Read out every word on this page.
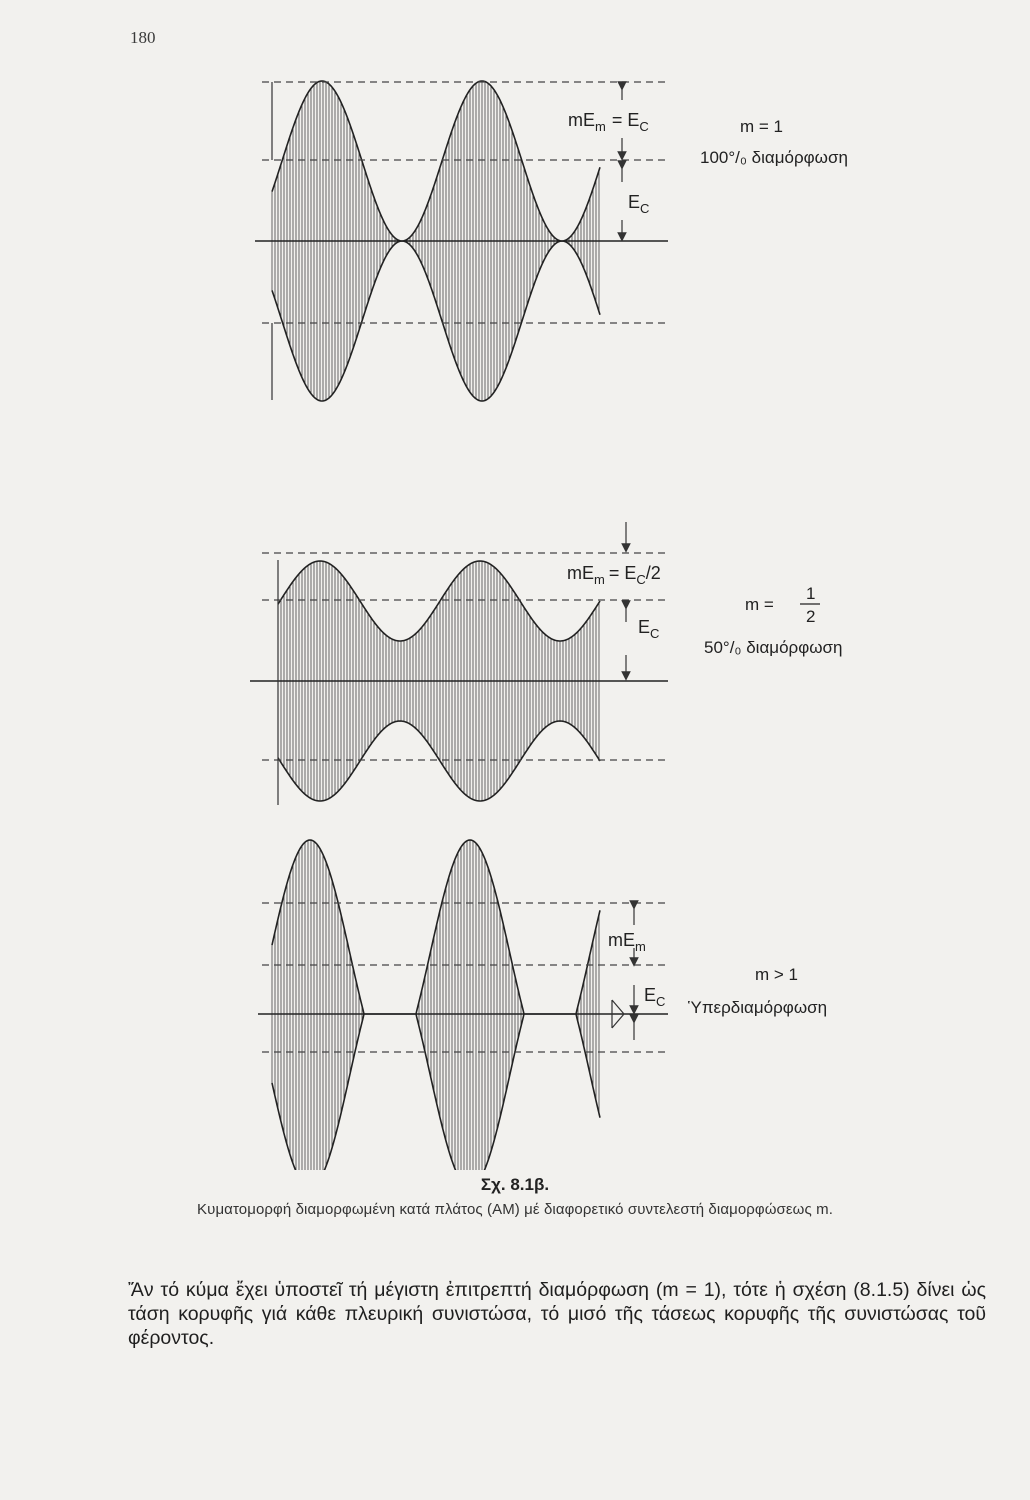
180
mEm = EC
EC
m = 1
100°/₀ διαμόρφωση
mEm = EC/2
EC
m =
1
2
50°/₀ διαμόρφωση
mEm
EC
m > 1
Ὑπερδιαμόρφωση
Σχ. 8.1β.
Κυματομορφή διαμορφωμένη κατά πλάτος (AM) μέ διαφορετικό συντελεστή διαμορφώσεως m.
Ἄν τό κύμα ἔχει ὑποστεῖ τή μέγιστη ἐπιτρεπτή διαμόρφωση (m = 1), τότε ἡ σχέση (8.1.5) δίνει ὡς τάση κορυφῆς γιά κάθε πλευρική συνιστώσα, τό μισό τῆς τάσεως κορυφῆς τῆς συνιστώσας τοῦ φέροντος.
